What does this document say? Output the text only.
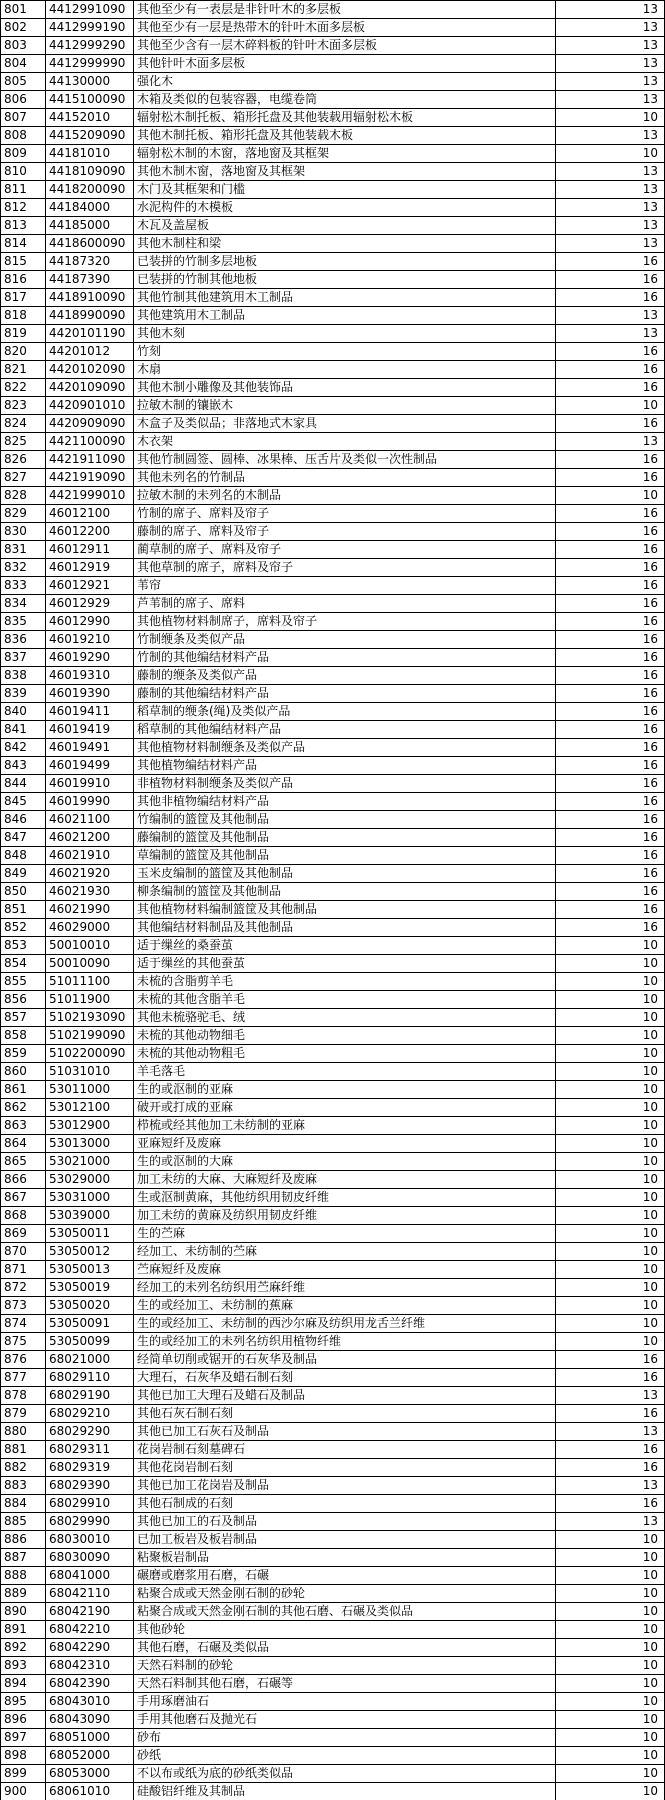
801	4412991090	其他至少有一表层是非针叶木的多层板	13
802	4412999190	其他至少有一层是热带木的针叶木面多层板	13
803	4412999290	其他至少含有一层木碎料板的针叶木面多层板	13
804	4412999990	其他针叶木面多层板	13
805	44130000	强化木	13
806	4415100090	木箱及类似的包装容器，电缆卷筒	13
807	44152010	辐射松木制托板、箱形托盘及其他装载用辐射松木板	10
808	4415209090	其他木制托板、箱形托盘及其他装载木板	13
809	44181010	辐射松木制的木窗，落地窗及其框架	10
810	4418109090	其他木制木窗，落地窗及其框架	13
811	4418200090	木门及其框架和门槛	13
812	44184000	水泥构件的木模板	13
813	44185000	木瓦及盖屋板	13
814	4418600090	其他木制柱和梁	13
815	44187320	已装拼的竹制多层地板	16
816	44187390	已装拼的竹制其他地板	16
817	4418910090	其他竹制其他建筑用木工制品	16
818	4418990090	其他建筑用木工制品	13
819	4420101190	其他木刻	13
820	44201012	竹刻	16
821	4420102090	木扇	16
822	4420109090	其他木制小雕像及其他装饰品	16
823	4420901010	拉敏木制的镶嵌木	10
824	4420909090	木盒子及类似品；非落地式木家具	16
825	4421100090	木衣架	13
826	4421911090	其他竹制圆签、圆棒、冰果棒、压舌片及类似一次性制品	16
827	4421919090	其他未列名的竹制品	16
828	4421999010	拉敏木制的未列名的木制品	10
829	46012100	竹制的席子、席料及帘子	16
830	46012200	藤制的席子、席料及帘子	16
831	46012911	蔺草制的席子、席料及帘子	16
832	46012919	其他草制的席子，席料及帘子	16
833	46012921	苇帘	16
834	46012929	芦苇制的席子、席料	16
835	46012990	其他植物材料制席子，席料及帘子	16
836	46019210	竹制缏条及类似产品	16
837	46019290	竹制的其他编结材料产品	16
838	46019310	藤制的缏条及类似产品	16
839	46019390	藤制的其他编结材料产品	16
840	46019411	稻草制的缏条(绳)及类似产品	16
841	46019419	稻草制的其他编结材料产品	16
842	46019491	其他植物材料制缏条及类似产品	16
843	46019499	其他植物编结材料产品	16
844	46019910	非植物材料制缏条及类似产品	16
845	46019990	其他非植物编结材料产品	16
846	46021100	竹编制的篮筐及其他制品	16
847	46021200	藤编制的篮筐及其他制品	16
848	46021910	草编制的篮筐及其他制品	16
849	46021920	玉米皮编制的篮筐及其他制品	16
850	46021930	柳条编制的篮筐及其他制品	16
851	46021990	其他植物材料编制篮筐及其他制品	16
852	46029000	其他编结材料制品及其他制品	16
853	50010010	适于缫丝的桑蚕茧	10
854	50010090	适于缫丝的其他蚕茧	10
855	51011100	未梳的含脂剪羊毛	10
856	51011900	未梳的其他含脂羊毛	10
857	5102193090	其他未梳骆驼毛、绒	10
858	5102199090	未梳的其他动物细毛	10
859	5102200090	未梳的其他动物粗毛	10
860	51031010	羊毛落毛	10
861	53011000	生的或沤制的亚麻	10
862	53012100	破开或打成的亚麻	10
863	53012900	栉梳或经其他加工未纺制的亚麻	10
864	53013000	亚麻短纤及废麻	10
865	53021000	生的或沤制的大麻	10
866	53029000	加工未纺的大麻、大麻短纤及废麻	10
867	53031000	生或沤制黄麻，其他纺织用韧皮纤维	10
868	53039000	加工未纺的黄麻及纺织用韧皮纤维	10
869	53050011	生的苎麻	10
870	53050012	经加工、未纺制的苎麻	10
871	53050013	苎麻短纤及废麻	10
872	53050019	经加工的未列名纺织用苎麻纤维	10
873	53050020	生的或经加工、未纺制的蕉麻	10
874	53050091	生的或经加工、未纺制的西沙尔麻及纺织用龙舌兰纤维	10
875	53050099	生的或经加工的未列名纺织用植物纤维	10
876	68021000	经简单切削或锯开的石灰华及制品	16
877	68029110	大理石，石灰华及蜡石制石刻	16
878	68029190	其他已加工大理石及蜡石及制品	13
879	68029210	其他石灰石制石刻	16
880	68029290	其他已加工石灰石及制品	13
881	68029311	花岗岩制石刻墓碑石	16
882	68029319	其他花岗岩制石刻	16
883	68029390	其他已加工花岗岩及制品	13
884	68029910	其他石制成的石刻	16
885	68029990	其他已加工的石及制品	13
886	68030010	已加工板岩及板岩制品	10
887	68030090	粘聚板岩制品	10
888	68041000	碾磨或磨浆用石磨，石碾	10
889	68042110	粘聚合成或天然金刚石制的砂轮	10
890	68042190	粘聚合成或天然金刚石制的其他石磨、石碾及类似品	10
891	68042210	其他砂轮	10
892	68042290	其他石磨，石碾及类似品	10
893	68042310	天然石料制的砂轮	10
894	68042390	天然石料制其他石磨，石碾等	10
895	68043010	手用琢磨油石	10
896	68043090	手用其他磨石及抛光石	10
897	68051000	砂布	10
898	68052000	砂纸	10
899	68053000	不以布或纸为底的砂纸类似品	10
900	68061010	硅酸铝纤维及其制品	10
